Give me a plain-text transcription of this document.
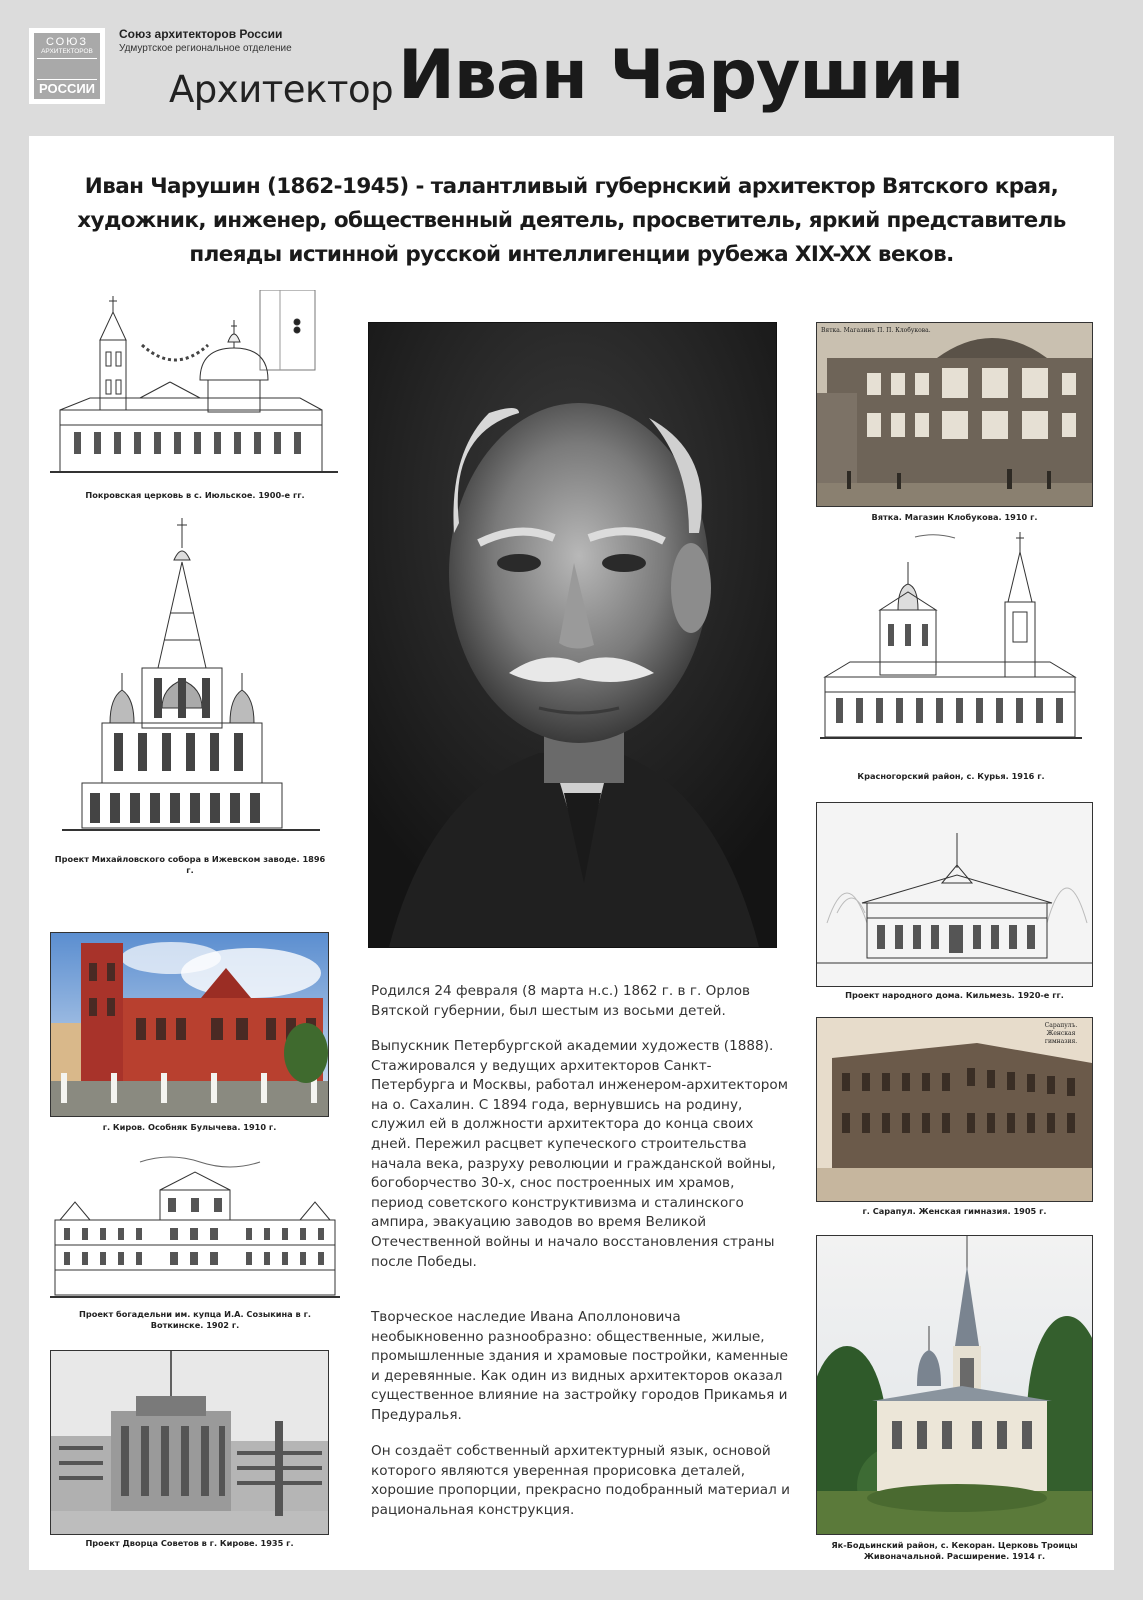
СОЮЗ
АРХИТЕКТОРОВ
РОССИИ
Союз архитекторов России
Удмуртское региональное отделение
Архитектор Иван Чарушин
Иван Чарушин (1862-1945) - талантливый губернский архитектор Вятского края, художник, инженер, общественный деятель, просветитель, яркий представитель плеяды истинной русской интеллигенции рубежа XIX-XX веков.
Покровская церковь в с. Июльское. 1900-е гг.
Проект Михайловского собора в Ижевском заводе. 1896 г.
г. Киров. Особняк Булычева. 1910 г.
Проект богадельни им. купца И.А. Созыкина в г. Воткинске. 1902 г.
Проект Дворца Советов в г. Кирове. 1935 г.

Родился 24 февраля (8 марта н.с.) 1862 г. в г. Орлов Вятской губернии, был шестым из восьми детей.

Выпускник Петербургской академии художеств (1888). Стажировался у ведущих архитекторов Санкт-Петербурга и Москвы, работал инженером-архитектором на о. Сахалин. С 1894 года, вернувшись на родину, служил ей в должности архитектора до конца своих дней. Пережил расцвет купеческого строительства начала века, разруху революции и гражданской войны, богоборчество 30-х, снос построенных им храмов, период советского конструктивизма и сталинского ампира, эвакуацию заводов во время Великой Отечественной войны и начало восстановления страны после Победы.

Творческое наследие Ивана Аполлоновича необыкновенно разнообразно: общественные, жилые, промышленные здания и храмовые постройки, каменные и деревянные. Как один из видных архитекторов оказал существенное влияние на застройку городов Прикамья и Предуралья.

Он создаёт собственный архитектурный язык, основой которого являются уверенная прорисовка деталей, хорошие пропорции, прекрасно подобранный материал и рациональная конструкция.

Вятка. Магазинъ П. П. Клобукова.
Вятка. Магазин Клобукова. 1910 г.
Красногорский район, с. Курья. 1916 г.
Проект народного дома. Кильмезь. 1920-е гг.
Сарапулъ. Женская гимназия.
г. Сарапул. Женская гимназия. 1905 г.
Як-Бодьинский район, с. Кекоран. Церковь Троицы Живоначальной. Расширение. 1914 г.
